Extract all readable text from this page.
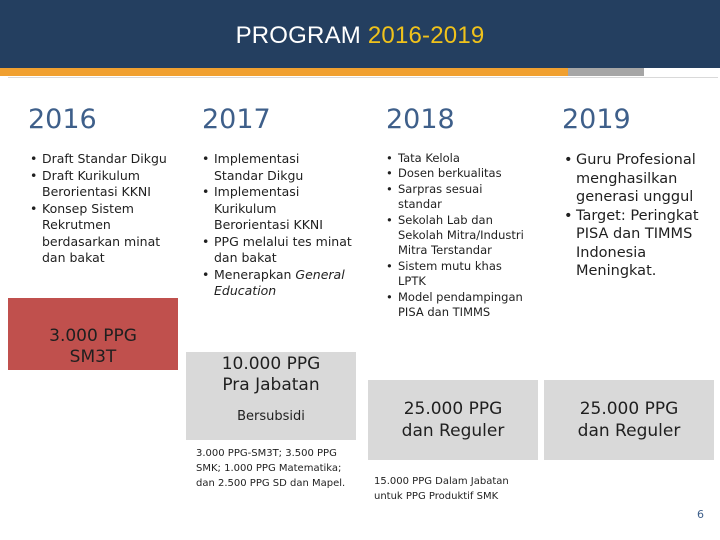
PROGRAM 2016-2019
2016
• Draft Standar Dikgu
• Draft Kurikulum Berorientasi KKNI
• Konsep Sistem Rekrutmen berdasarkan minat dan bakat
3.000 PPG
SM3T
2017
• Implementasi Standar Dikgu
• Implementasi Kurikulum Berorientasi KKNI
• PPG melalui tes minat dan bakat
• Menerapkan General Education
10.000 PPG
Pra Jabatan
Bersubsidi
3.000 PPG-SM3T; 3.500 PPG SMK; 1.000 PPG Matematika; dan 2.500 PPG SD dan Mapel.
2018
• Tata Kelola
• Dosen berkualitas
• Sarpras sesuai standar
• Sekolah Lab dan Sekolah Mitra/Industri Mitra Terstandar
• Sistem mutu khas LPTK
• Model pendampingan PISA dan TIMMS
25.000 PPG
dan Reguler
15.000 PPG Dalam Jabatan untuk PPG Produktif SMK
2019
• Guru Profesional menghasilkan generasi unggul
• Target: Peringkat PISA dan TIMMS Indonesia Meningkat.
25.000 PPG
dan Reguler
6
